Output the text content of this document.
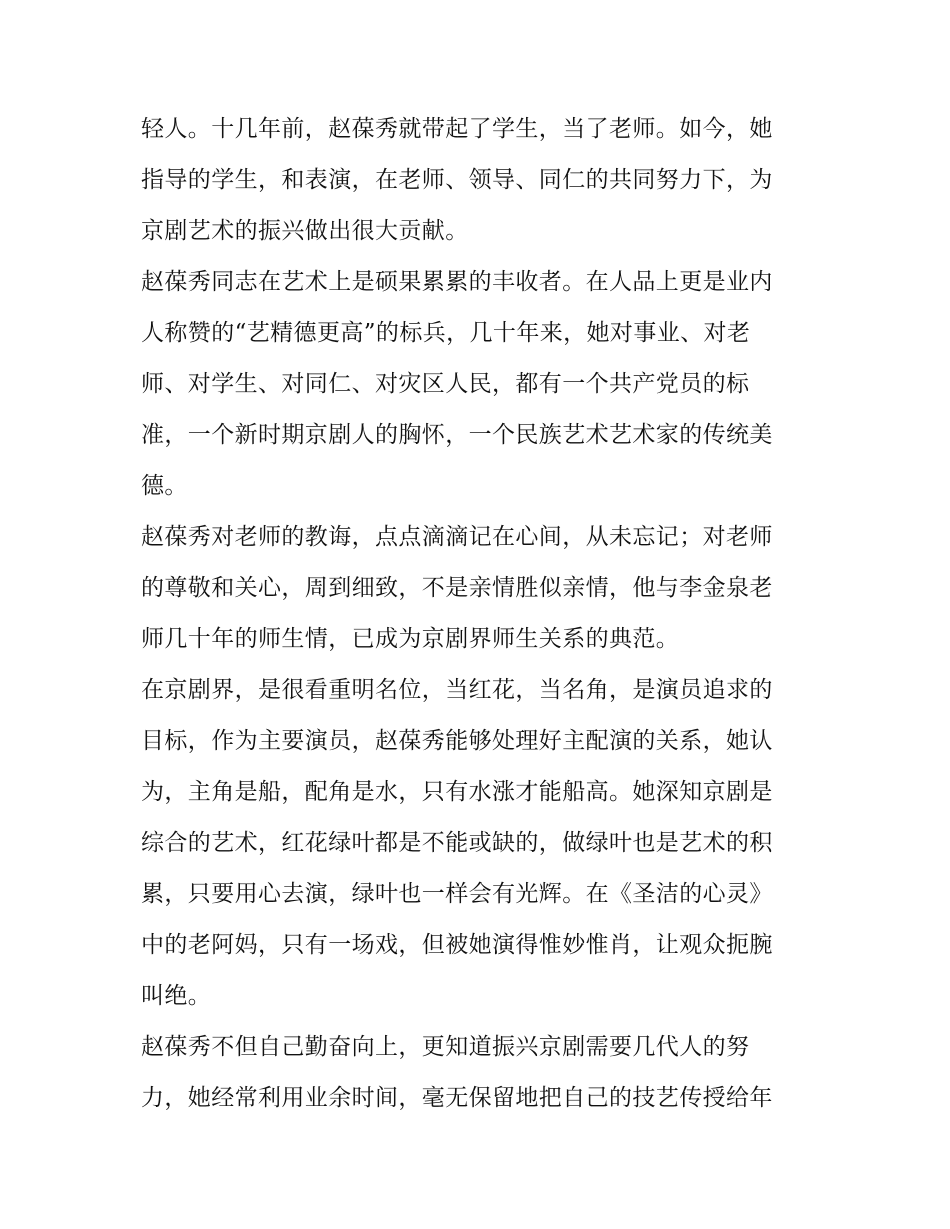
轻人。十几年前，赵葆秀就带起了学生，当了老师。如今，她
指导的学生，和表演，在老师、领导、同仁的共同努力下，为
京剧艺术的振兴做出很大贡献。
赵葆秀同志在艺术上是硕果累累的丰收者。在人品上更是业内
人称赞的“艺精德更高”的标兵，几十年来，她对事业、对老
师、对学生、对同仁、对灾区人民，都有一个共产党员的标
准，一个新时期京剧人的胸怀，一个民族艺术艺术家的传统美
德。
赵葆秀对老师的教诲，点点滴滴记在心间，从未忘记；对老师
的尊敬和关心，周到细致，不是亲情胜似亲情，他与李金泉老
师几十年的师生情，已成为京剧界师生关系的典范。
在京剧界，是很看重明名位，当红花，当名角，是演员追求的
目标，作为主要演员，赵葆秀能够处理好主配演的关系，她认
为，主角是船，配角是水，只有水涨才能船高。她深知京剧是
综合的艺术，红花绿叶都是不能或缺的，做绿叶也是艺术的积
累，只要用心去演，绿叶也一样会有光辉。在《圣洁的心灵》
中的老阿妈，只有一场戏，但被她演得惟妙惟肖，让观众扼腕
叫绝。
赵葆秀不但自己勤奋向上，更知道振兴京剧需要几代人的努
力，她经常利用业余时间，毫无保留地把自己的技艺传授给年
